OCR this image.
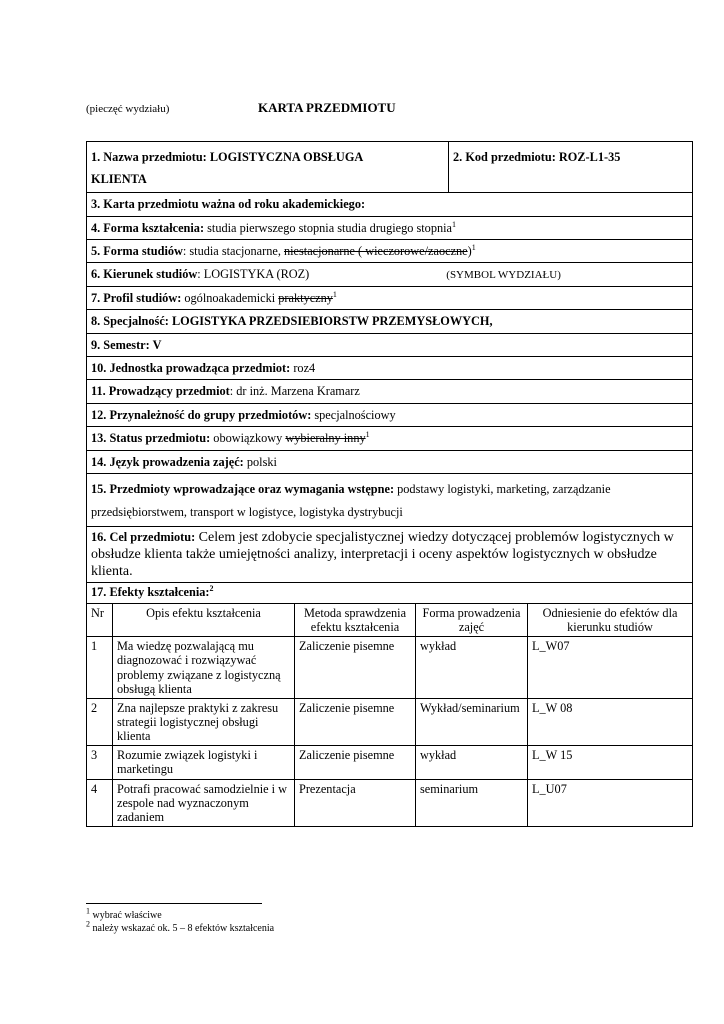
(pieczęć wydziału)	KARTA PRZEDMIOTU
1. Nazwa przedmiotu: LOGISTYCZNA OBSŁUGA
KLIENTA				2. Kod przedmiotu: ROZ-L1-35	
3. Karta przedmiotu ważna od roku akademickiego:					
4. Forma kształcenia: studia pierwszego stopnia studia drugiego stopnia$^1$
5. Forma studiów: studia stacjonarne, niestacjonarne ( wieczorowe/zaoczne)$^1$
6. Kierunek studiów: LOGISTYKA (ROZ) (SYMBOL WYDZIAŁU)					
7. Profil studiów: ogólnoakademicki praktyczny$^1$
8. Specjalność: LOGISTYKA PRZEDSIEBIORSTW PRZEMYSŁOWYCH,					
9. Semestr: V					
10. Jednostka prowadząca przedmiot: roz4					
11. Prowadzący przedmiot: dr inż. Marzena Kramarz					
12. Przynależność do grupy przedmiotów: specjalnościowy					
13. Status przedmiotu: obowiązkowy wybieralny inny$^1$
14. Język prowadzenia zajęć: polski					
15. Przedmioty wprowadzające oraz wymagania wstępne: podstawy logistyki, marketing, zarządzanie
przedsiębiorstwem, transport w logistyce, logistyka dystrybucji					
16. Cel przedmiotu: Celem jest zdobycie specjalistycznej wiedzy dotyczącej problemów logistycznych w obsłudze klienta także umiejętności analizy, interpretacji i oceny aspektów logistycznych w obsłudze klienta.					
17. Efekty kształcenia:$^2$
Nr	Opis efektu kształcenia	Metoda sprawdzenia efektu kształcenia	Forma prowadzenia zajęć		Odniesienie do efektów dla kierunku studiów
1	Ma wiedzę pozwalającą mu diagnozować i rozwiązywać problemy związane z logistyczną obsługą klienta	Zaliczenie pisemne	wykład		L_W07
2	Zna najlepsze praktyki z zakresu strategii logistycznej obsługi klienta	Zaliczenie pisemne	Wykład/seminarium		L_W 08
3	Rozumie związek logistyki i marketingu	Zaliczenie pisemne	wykład		L_W 15
4	Potrafi pracować samodzielnie i w zespole nad wyznaczonym zadaniem	Prezentacja	seminarium		L_U07
$^1$ wybrać właściwe
$^2$ należy wskazać ok. 5 – 8 efektów kształcenia
